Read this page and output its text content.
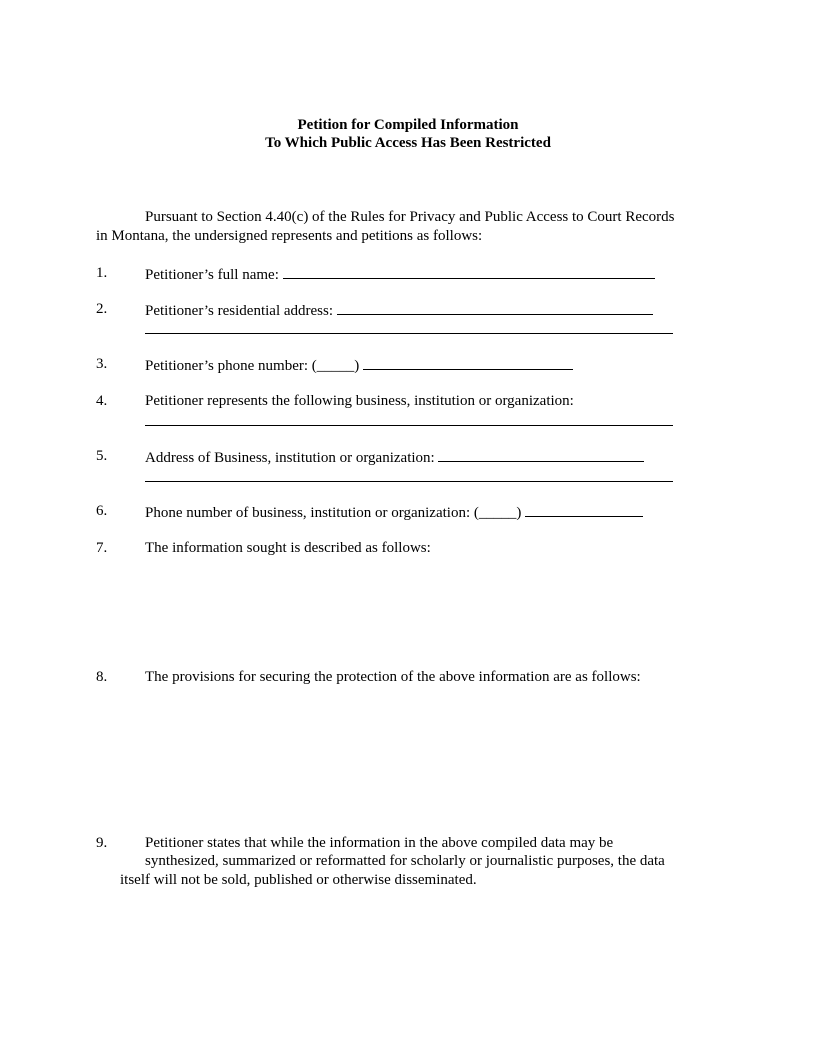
Petition for Compiled Information
To Which Public Access Has Been Restricted
Pursuant to Section 4.40(c) of the Rules for Privacy and Public Access to Court Records
in Montana, the undersigned represents and petitions as follows:
1.	Petitioner’s full name:
2.	Petitioner’s residential address:
3.	Petitioner’s phone number: (_____)
4.	Petitioner represents the following business, institution or organization:
5.	Address of Business, institution or organization:
6.	Phone number of business, institution or organization: (_____)
7.	The information sought is described as follows:
8.	The provisions for securing the protection of the above information are as follows:
9.	Petitioner states that while the information in the above compiled data may be
synthesized, summarized or reformatted for scholarly or journalistic purposes, the data
itself will not be sold, published or otherwise disseminated.
